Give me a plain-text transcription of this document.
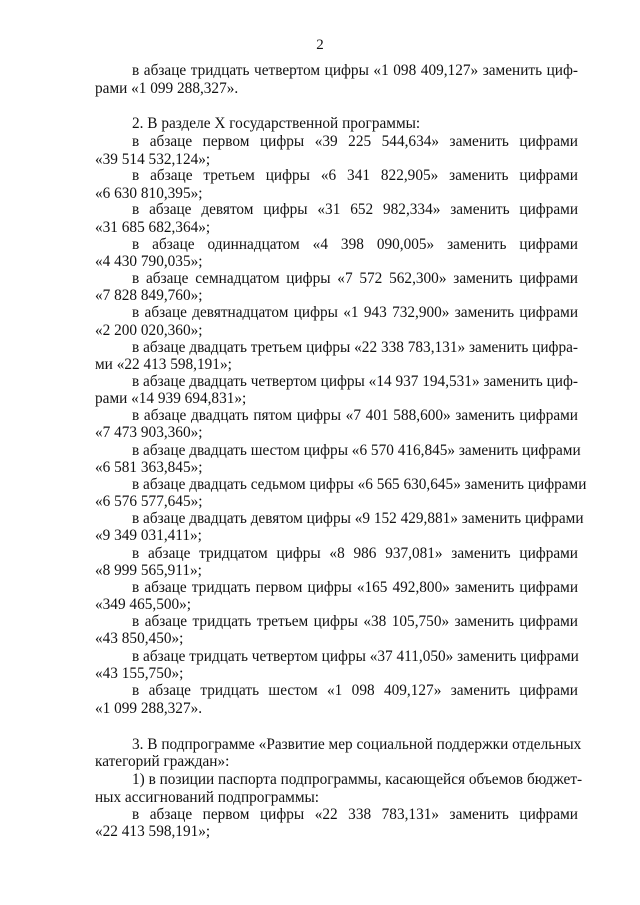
2
в абзаце тридцать четвертом цифры «1 098 409,127» заменить циф-
рами «1 099 288,327».
2. В разделе X государственной программы:
в абзаце первом цифры «39 225 544,634» заменить цифрами
«39 514 532,124»;
в абзаце третьем цифры «6 341 822,905» заменить цифрами
«6 630 810,395»;
в абзаце девятом цифры «31 652 982,334» заменить цифрами
«31 685 682,364»;
в абзаце одиннадцатом «4 398 090,005» заменить цифрами
«4 430 790,035»;
в абзаце семнадцатом цифры «7 572 562,300» заменить цифрами
«7 828 849,760»;
в абзаце девятнадцатом цифры «1 943 732,900» заменить цифрами
«2 200 020,360»;
в абзаце двадцать третьем цифры «22 338 783,131» заменить цифра-
ми «22 413 598,191»;
в абзаце двадцать четвертом цифры «14 937 194,531» заменить циф-
рами «14 939 694,831»;
в абзаце двадцать пятом цифры «7 401 588,600» заменить цифрами
«7 473 903,360»;
в абзаце двадцать шестом цифры «6 570 416,845» заменить цифрами
«6 581 363,845»;
в абзаце двадцать седьмом цифры «6 565 630,645» заменить цифрами
«6 576 577,645»;
в абзаце двадцать девятом цифры «9 152 429,881» заменить цифрами
«9 349 031,411»;
в абзаце тридцатом цифры «8 986 937,081» заменить цифрами
«8 999 565,911»;
в абзаце тридцать первом цифры «165 492,800» заменить цифрами
«349 465,500»;
в абзаце тридцать третьем цифры «38 105,750» заменить цифрами
«43 850,450»;
в абзаце тридцать четвертом цифры «37 411,050» заменить цифрами
«43 155,750»;
в абзаце тридцать шестом «1 098 409,127» заменить цифрами
«1 099 288,327».
3. В подпрограмме «Развитие мер социальной поддержки отдельных
категорий граждан»:
1) в позиции паспорта подпрограммы, касающейся объемов бюджет-
ных ассигнований подпрограммы:
в абзаце первом цифры «22 338 783,131» заменить цифрами
«22 413 598,191»;
